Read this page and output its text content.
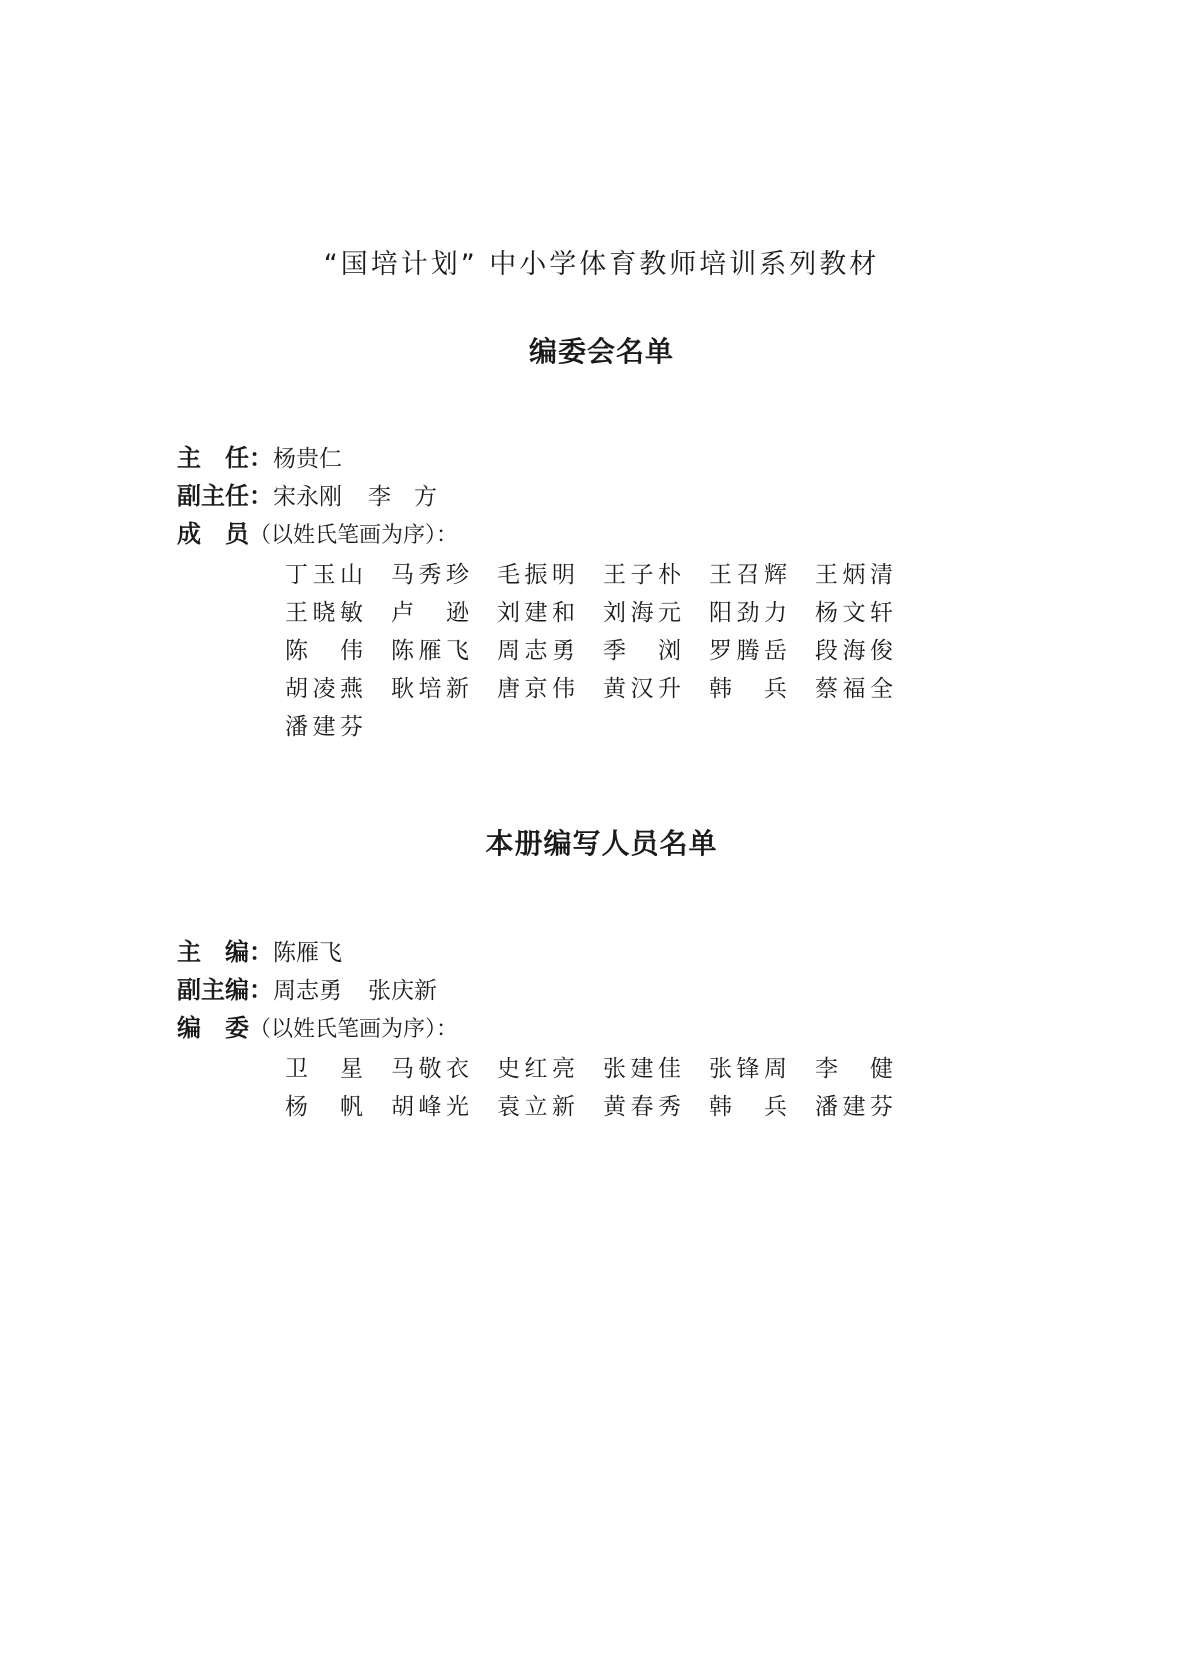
“国培计划” 中小学体育教师培训系列教材
编委会名单
主　任：杨贵仁
副主任：宋永刚 李　方
成　员（以姓氏笔画为序）：
丁玉山 马秀珍 毛振明 王子朴 王召辉 王炳清
王晓敏 卢　逊 刘建和 刘海元 阳劲力 杨文轩
陈　伟 陈雁飞 周志勇 季　浏 罗腾岳 段海俊
胡凌燕 耿培新 唐京伟 黄汉升 韩　兵 蔡福全
潘建芬
本册编写人员名单
主　编：陈雁飞
副主编：周志勇 张庆新
编　委（以姓氏笔画为序）：
卫　星 马敬衣 史红亮 张建佳 张锋周 李　健
杨　帆 胡峰光 袁立新 黄春秀 韩　兵 潘建芬
